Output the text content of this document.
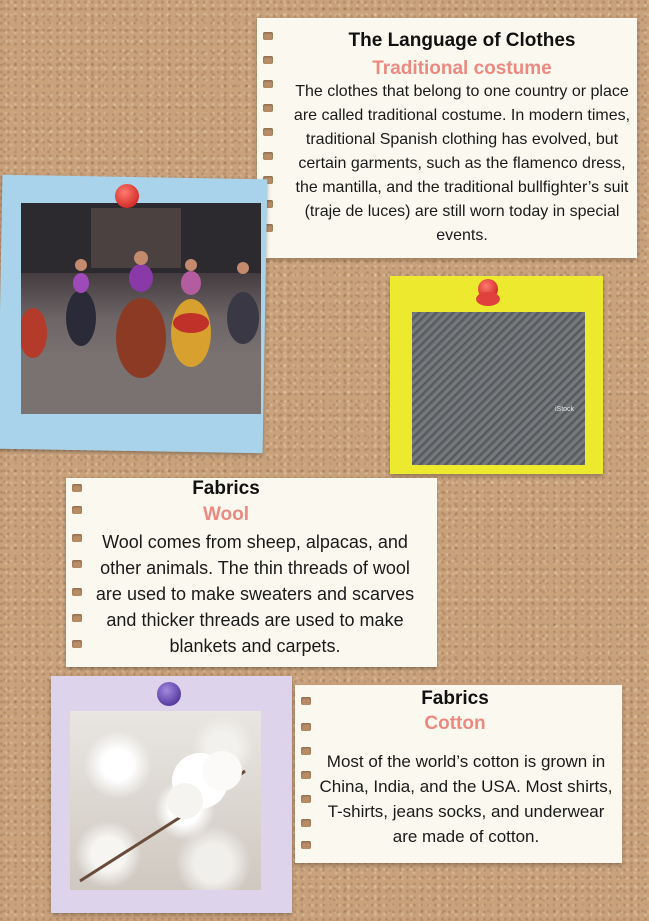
The Language of Clothes
Traditional costume
The clothes that belong to one country or place are called traditional costume. In modern times, traditional Spanish clothing has evolved, but certain garments, such as the flamenco dress, the mantilla, and the traditional bullfighter’s suit (traje de luces) are still worn today in special events.
iStock
Fabrics
Wool
Wool comes from sheep, alpacas, and other animals. The thin threads of wool are used to make sweaters and scarves and thicker threads are used to make blankets and carpets.
Fabrics
Cotton
Most of the world’s cotton is grown in China, India, and the USA. Most shirts, T-shirts, jeans socks, and underwear are made of cotton.
